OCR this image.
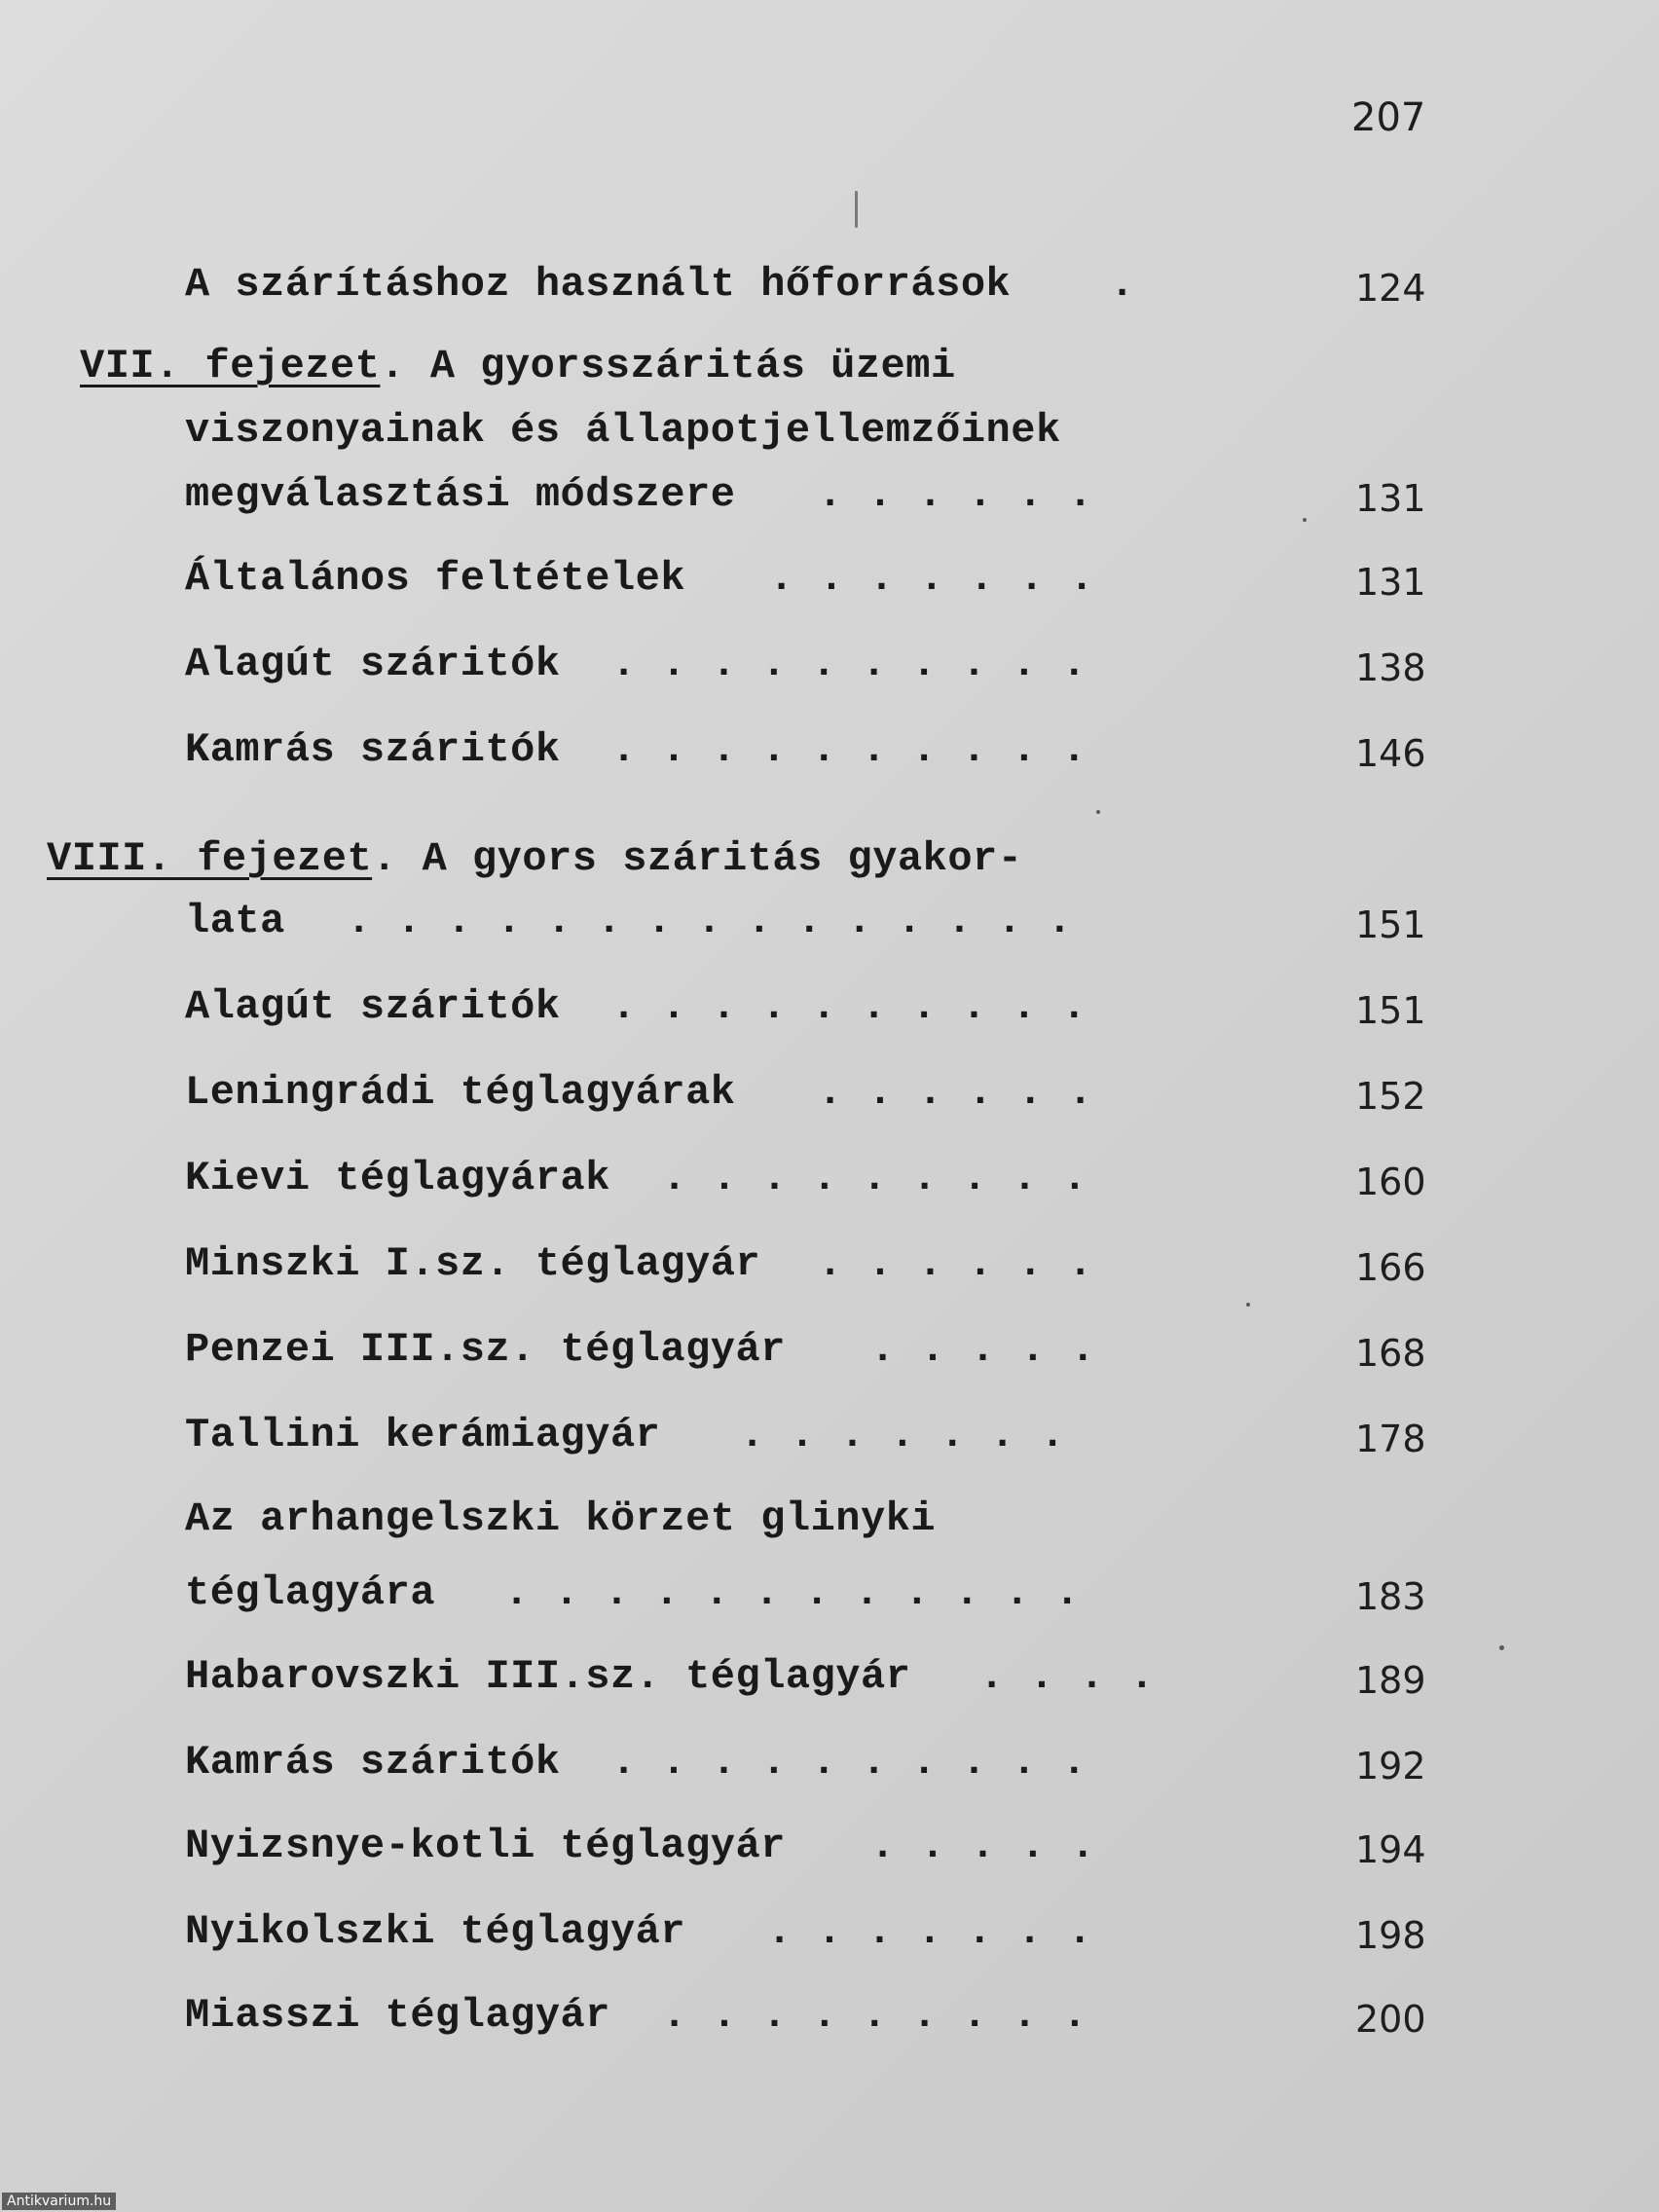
207
A szárításhoz használt hőforrások .	124
VII. fejezet. A gyorsszáritás üzemi
viszonyainak és állapotjellemzőinek
megválasztási módszere . . . . . .	131
Általános feltételek . . . . . . .	131
Alagút száritók . . . . . . . . . .	138
Kamrás száritók . . . . . . . . . .	146
VIII. fejezet. A gyors száritás gyakor-
lata . . . . . . . . . . . . . . .	151
Alagút száritók . . . . . . . . . .	151
Leningrádi téglagyárak . . . . . .	152
Kievi téglagyárak . . . . . . . . .	160
Minszki I.sz. téglagyár . . . . . .	166
Penzei III.sz. téglagyár . . . . .	168
Tallini kerámiagyár . . . . . . .	178
Az arhangelszki körzet glinyki
téglagyára . . . . . . . . . . . .	183
Habarovszki III.sz. téglagyár . . . .	189
Kamrás száritók . . . . . . . . . .	192
Nyizsnye-kotli téglagyár . . . . .	194
Nyikolszki téglagyár . . . . . . .	198
Miasszi téglagyár . . . . . . . . .	200
Antikvarium.hu
